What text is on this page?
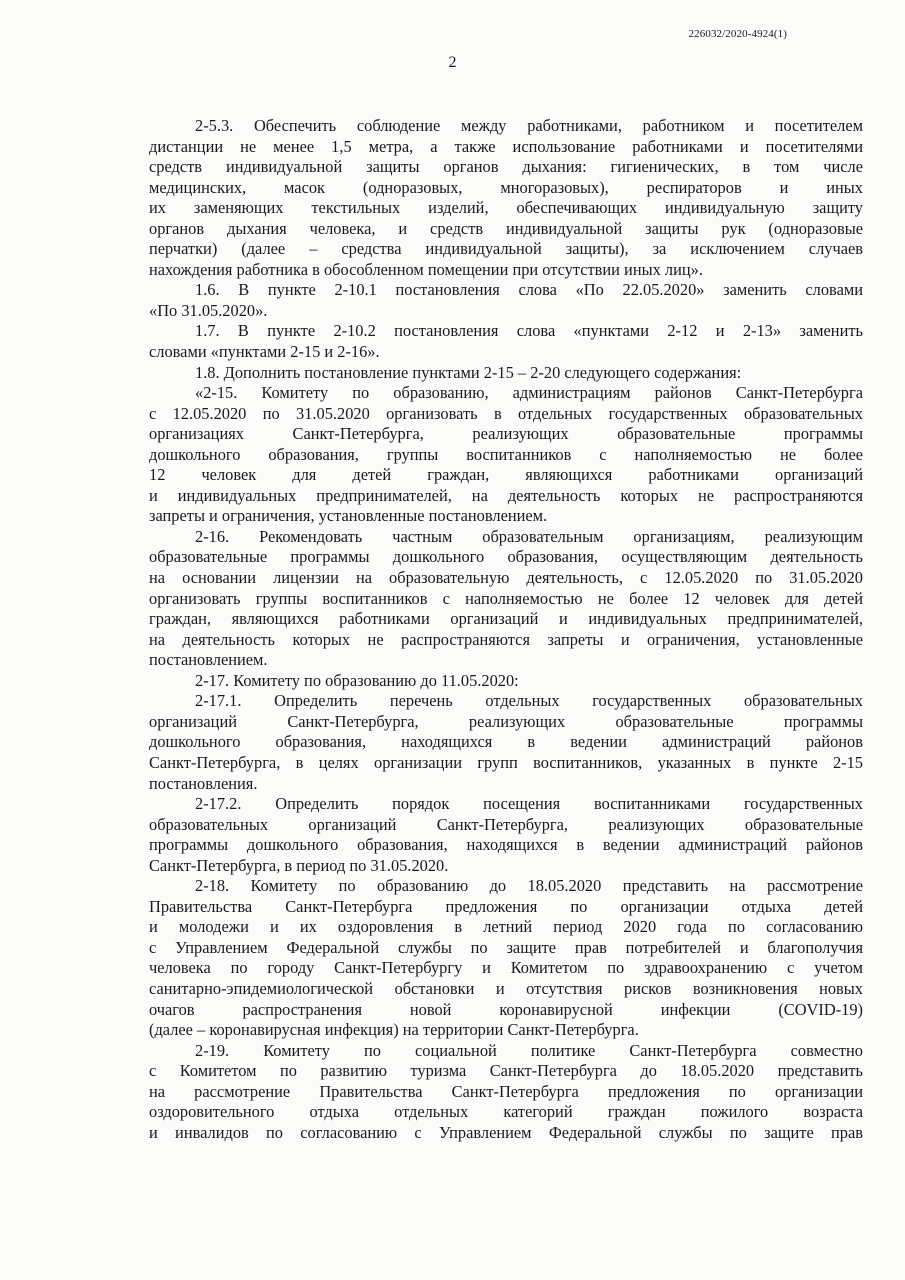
226032/2020-4924(1)
2

2-5.3. Обеспечить соблюдение между работниками, работником и посетителем
дистанции не менее 1,5 метра, а также использование работниками и посетителями
средств индивидуальной защиты органов дыхания: гигиенических, в том числе
медицинских, масок (одноразовых, многоразовых), респираторов и иных
их заменяющих текстильных изделий, обеспечивающих индивидуальную защиту
органов дыхания человека, и средств индивидуальной защиты рук (одноразовые
перчатки) (далее – средства индивидуальной защиты), за исключением случаев
нахождения работника в обособленном помещении при отсутствии иных лиц».

1.6. В пункте 2-10.1 постановления слова «По 22.05.2020» заменить словами
«По 31.05.2020».

1.7. В пункте 2-10.2 постановления слова «пунктами 2-12 и 2-13» заменить
словами «пунктами 2-15 и 2-16».

1.8. Дополнить постановление пунктами 2-15 – 2-20 следующего содержания:

«2-15. Комитету по образованию, администрациям районов Санкт-Петербурга
с 12.05.2020 по 31.05.2020 организовать в отдельных государственных образовательных
организациях Санкт-Петербурга, реализующих образовательные программы
дошкольного образования, группы воспитанников с наполняемостью не более
12 человек для детей граждан, являющихся работниками организаций
и индивидуальных предпринимателей, на деятельность которых не распространяются
запреты и ограничения, установленные постановлением.

2-16. Рекомендовать частным образовательным организациям, реализующим
образовательные программы дошкольного образования, осуществляющим деятельность
на основании лицензии на образовательную деятельность, с 12.05.2020 по 31.05.2020
организовать группы воспитанников с наполняемостью не более 12 человек для детей
граждан, являющихся работниками организаций и индивидуальных предпринимателей,
на деятельность которых не распространяются запреты и ограничения, установленные
постановлением.

2-17. Комитету по образованию до 11.05.2020:

2-17.1. Определить перечень отдельных государственных образовательных
организаций Санкт-Петербурга, реализующих образовательные программы
дошкольного образования, находящихся в ведении администраций районов
Санкт-Петербурга, в целях организации групп воспитанников, указанных в пункте 2-15
постановления.

2-17.2. Определить порядок посещения воспитанниками государственных
образовательных организаций Санкт-Петербурга, реализующих образовательные
программы дошкольного образования, находящихся в ведении администраций районов
Санкт-Петербурга, в период по 31.05.2020.

2-18. Комитету по образованию до 18.05.2020 представить на рассмотрение
Правительства Санкт-Петербурга предложения по организации отдыха детей
и молодежи и их оздоровления в летний период 2020 года по согласованию
с Управлением Федеральной службы по защите прав потребителей и благополучия
человека по городу Санкт-Петербургу и Комитетом по здравоохранению с учетом
санитарно-эпидемиологической обстановки и отсутствия рисков возникновения новых
очагов распространения новой коронавирусной инфекции (COVID-19)
(далее – коронавирусная инфекция) на территории Санкт-Петербурга.

2-19. Комитету по социальной политике Санкт-Петербурга совместно
с Комитетом по развитию туризма Санкт-Петербурга до 18.05.2020 представить
на рассмотрение Правительства Санкт-Петербурга предложения по организации
оздоровительного отдыха отдельных категорий граждан пожилого возраста
и инвалидов по согласованию с Управлением Федеральной службы по защите прав
